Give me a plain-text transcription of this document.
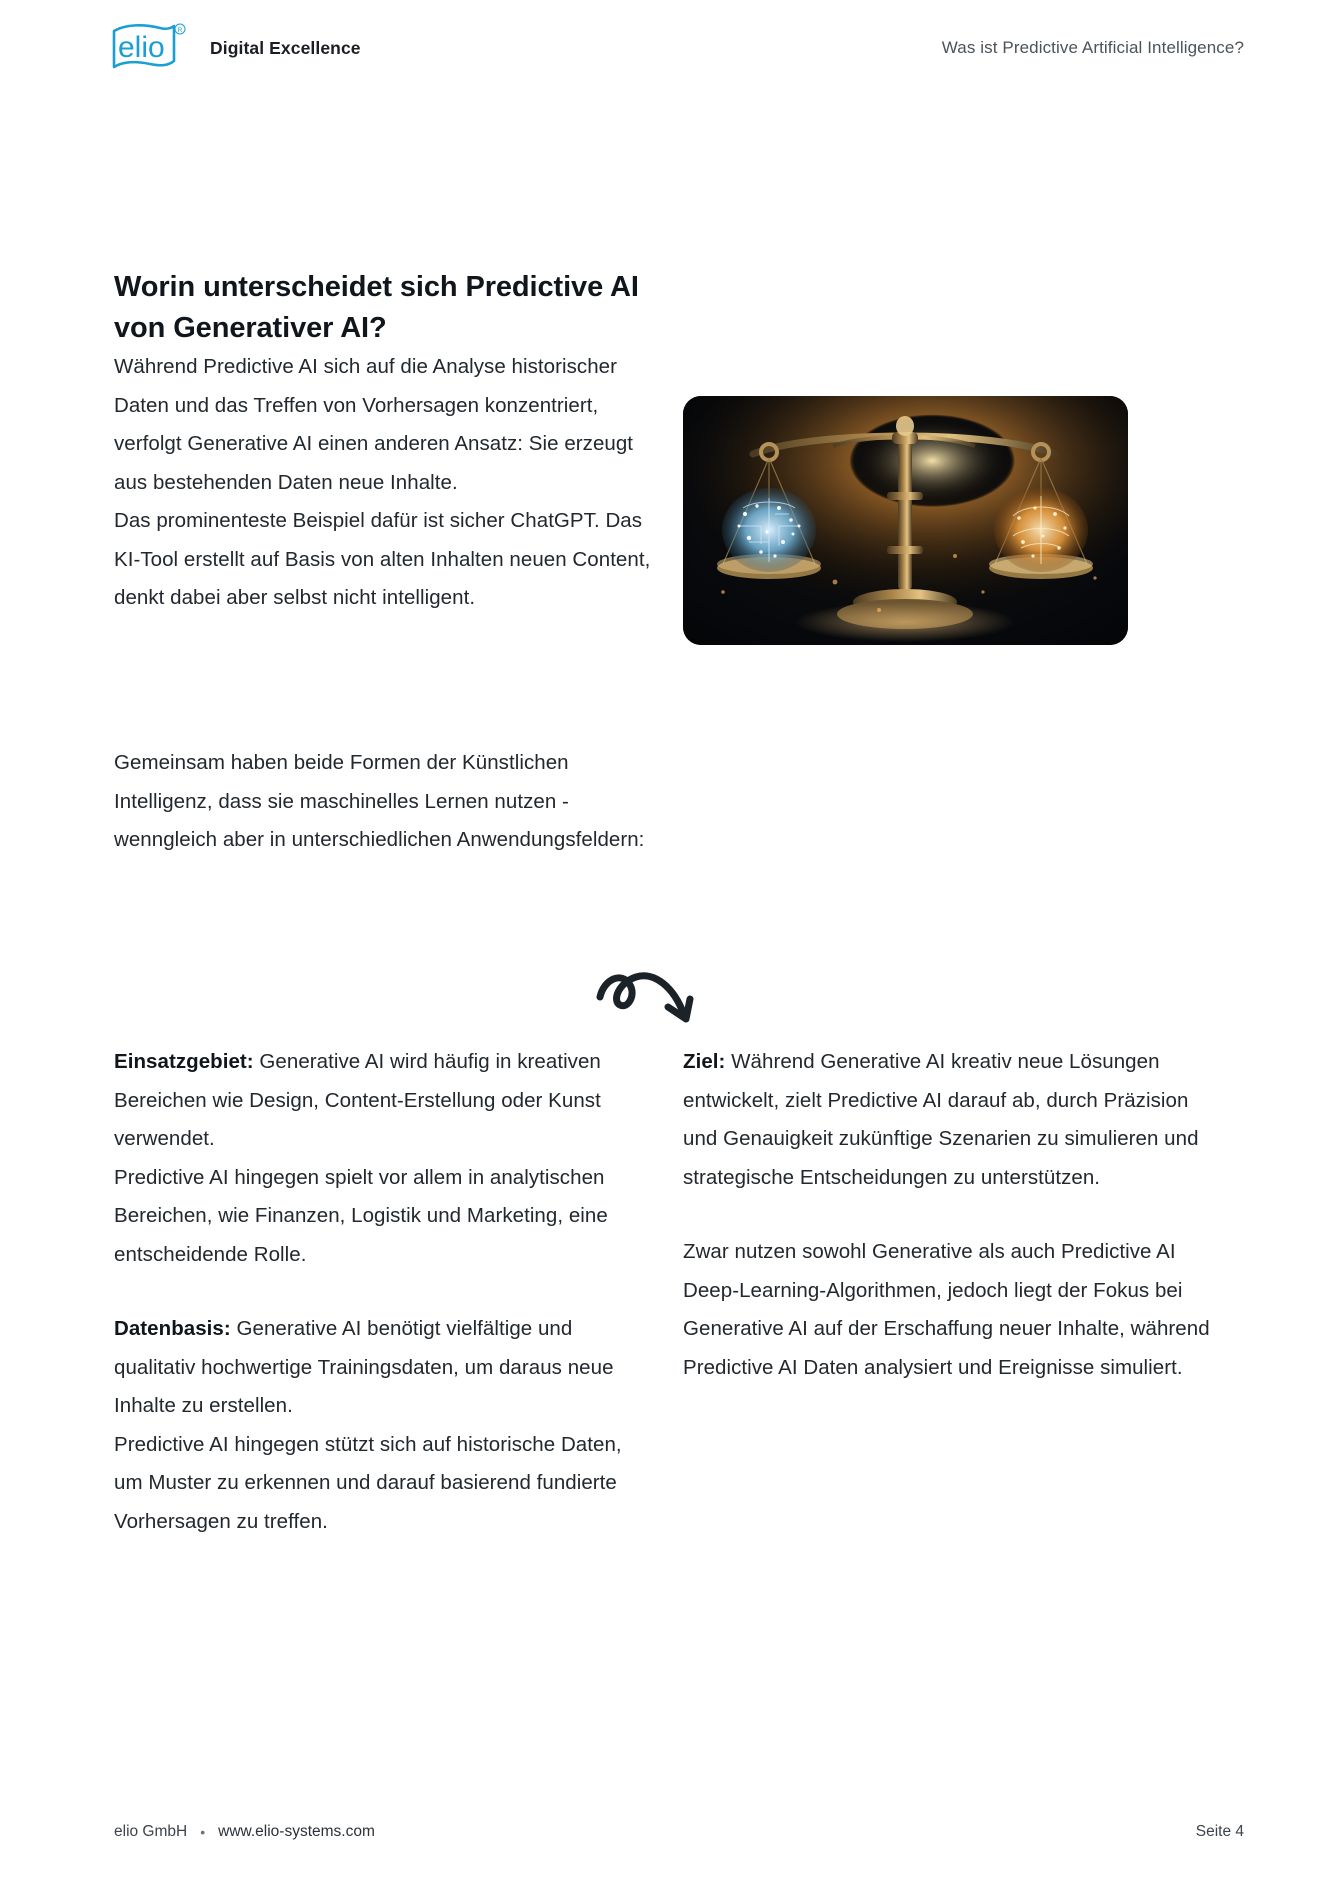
elio
R
Digital Excellence	Was ist Predictive Artificial Intelligence?
Worin unterscheidet sich Predictive AI von Generativer AI?

Während Predictive AI sich auf die Analyse historischer Daten und das Treffen von Vorhersagen konzentriert, verfolgt Generative AI einen anderen Ansatz: Sie erzeugt aus bestehenden Daten neue Inhalte.

Das prominenteste Beispiel dafür ist sicher ChatGPT. Das KI-Tool erstellt auf Basis von alten Inhalten neuen Content, denkt dabei aber selbst nicht intelligent.

Gemeinsam haben beide Formen der Künstlichen Intelligenz, dass sie maschinelles Lernen nutzen - wenngleich aber in unterschiedlichen Anwendungsfeldern:

Einsatzgebiet: Generative AI wird häufig in kreativen Bereichen wie Design, Content-Erstellung oder Kunst verwendet.

Predictive AI hingegen spielt vor allem in analytischen Bereichen, wie Finanzen, Logistik und Marketing, eine entscheidende Rolle.

Datenbasis: Generative AI benötigt vielfältige und qualitativ hochwertige Trainingsdaten, um daraus neue Inhalte zu erstellen.

Predictive AI hingegen stützt sich auf historische Daten, um Muster zu erkennen und darauf basierend fundierte Vorhersagen zu treffen.

Ziel: Während Generative AI kreativ neue Lösungen entwickelt, zielt Predictive AI darauf ab, durch Präzision und Genauigkeit zukünftige Szenarien zu simulieren und strategische Entscheidungen zu unterstützen.

Zwar nutzen sowohl Generative als auch Predictive AI Deep-Learning-Algorithmen, jedoch liegt der Fokus bei Generative AI auf der Erschaffung neuer Inhalte, während Predictive AI Daten analysiert und Ereignisse simuliert.

elio GmbH • www.elio-systems.com	Seite 4
